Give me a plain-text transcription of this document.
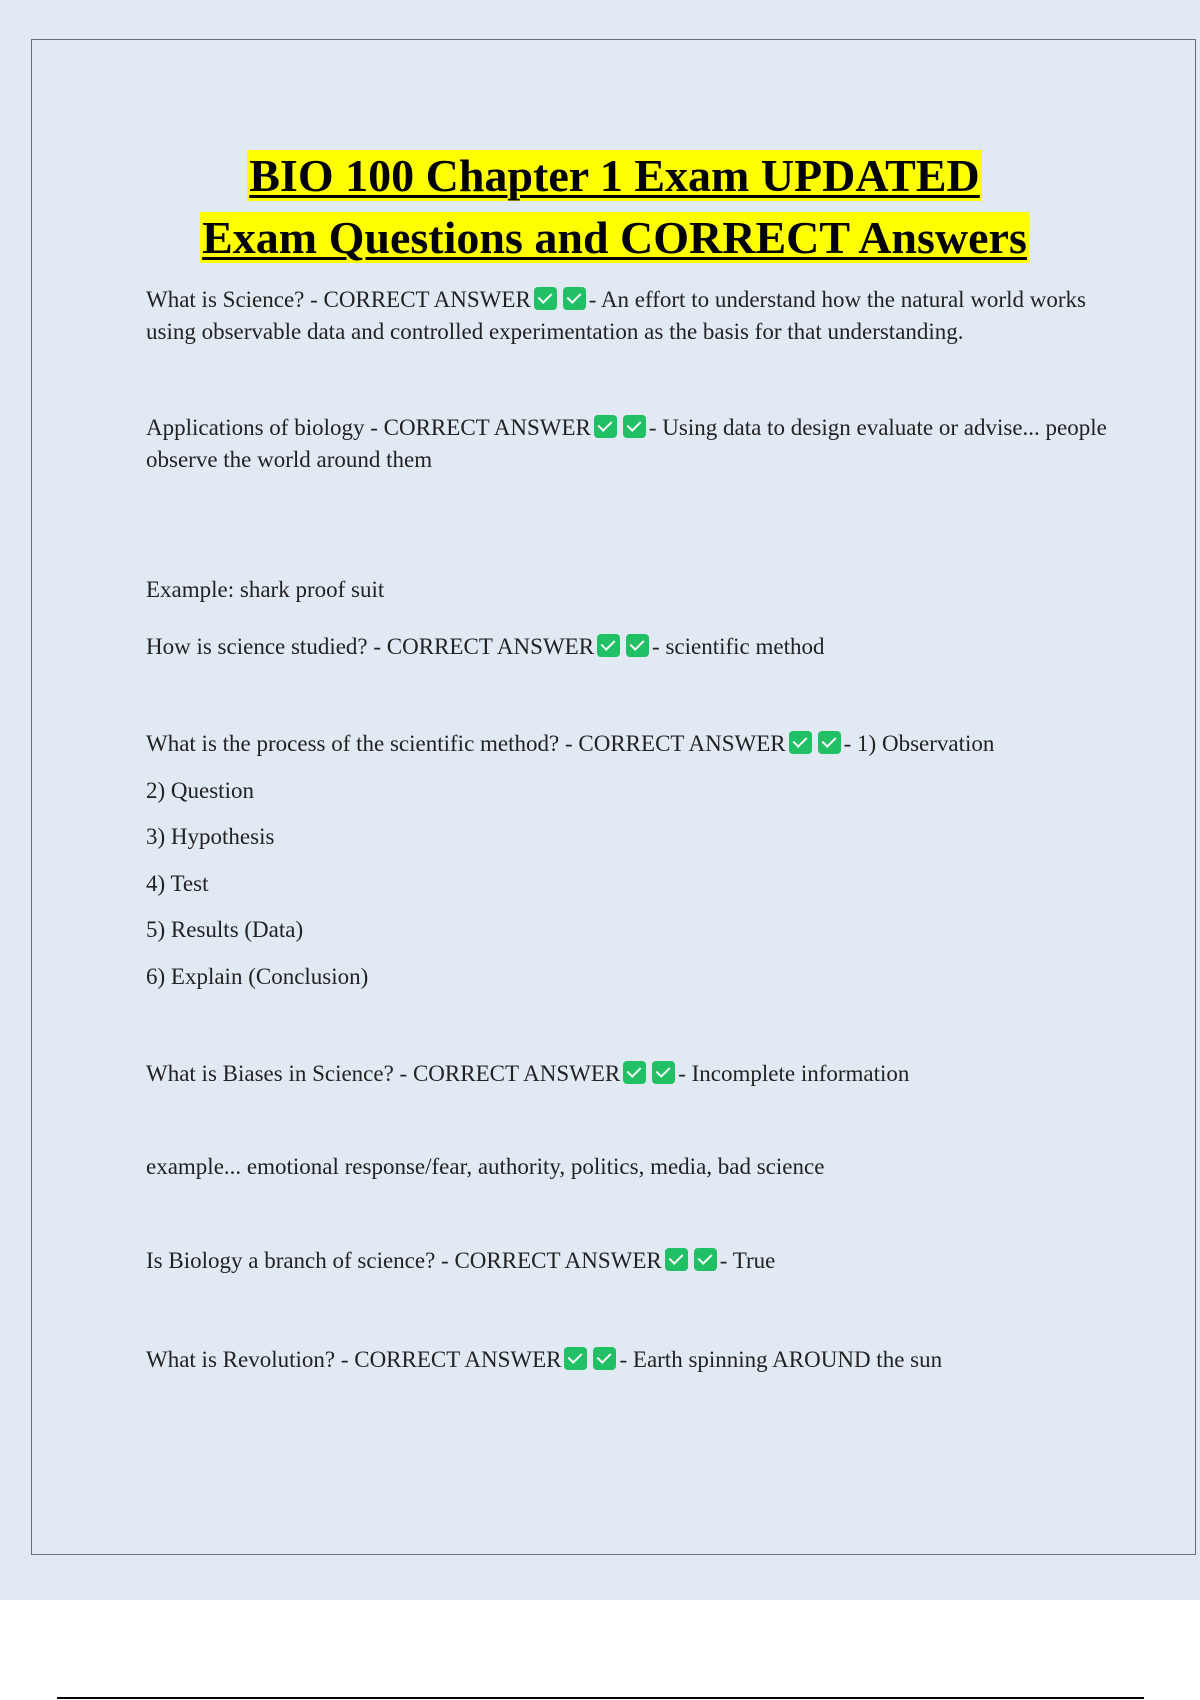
BIO 100 Chapter 1 Exam UPDATED
Exam Questions and CORRECT Answers

What is Science? - CORRECT ANSWER	- An effort to understand how the natural world works using observable data and controlled experimentation as the basis for that understanding.

Applications of biology - CORRECT ANSWER	- Using data to design evaluate or advise... people observe the world around them

Example: shark proof suit

How is science studied? - CORRECT ANSWER	- scientific method

What is the process of the scientific method? - CORRECT ANSWER	- 1) Observation

2) Question

3) Hypothesis

4) Test

5) Results (Data)

6) Explain (Conclusion)

What is Biases in Science? - CORRECT ANSWER	- Incomplete information

example... emotional response/fear, authority, politics, media, bad science

Is Biology a branch of science? - CORRECT ANSWER	- True

What is Revolution? - CORRECT ANSWER	- Earth spinning AROUND the sun
